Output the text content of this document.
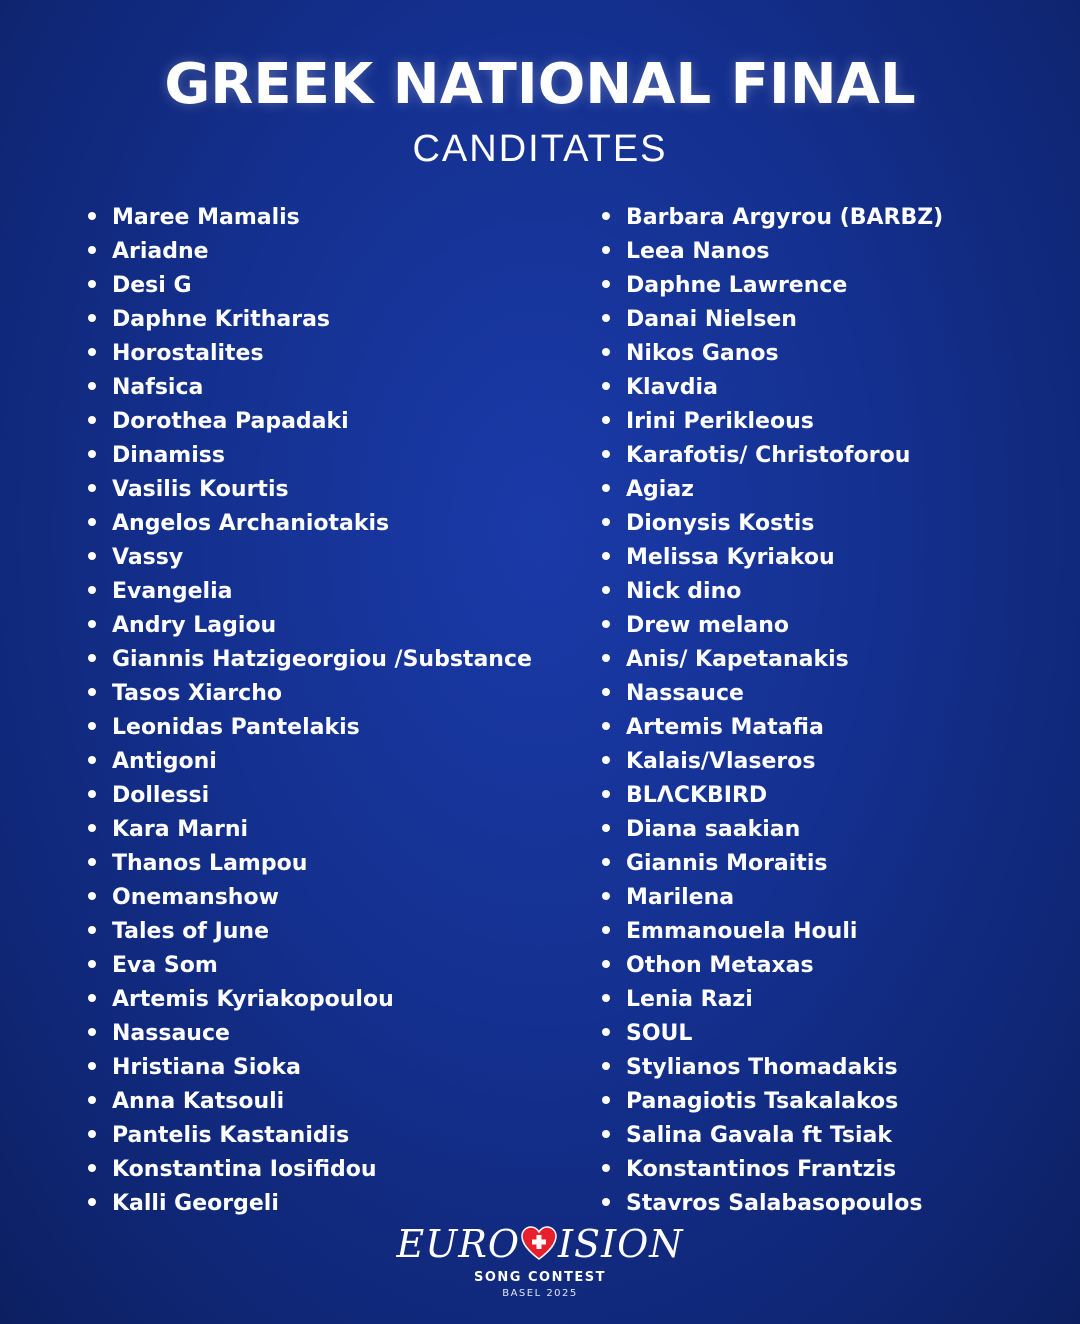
GREEK NATIONAL FINAL
CANDITATES
Maree Mamalis
Ariadne
Desi G
Daphne Kritharas
Horostalites
Nafsica
Dorothea Papadaki
Dinamiss
Vasilis Kourtis
Angelos Archaniotakis
Vassy
Evangelia
Andry Lagiou
Giannis Hatzigeorgiou /Substance
Tasos Xiarcho
Leonidas Pantelakis
Antigoni
Dollessi
Kara Marni
Thanos Lampou
Onemanshow
Tales of June
Eva Som
Artemis Kyriakopoulou
Nassauce
Hristiana Sioka
Anna Katsouli
Pantelis Kastanidis
Konstantina Iosifidou
Kalli Georgeli
Barbara Argyrou (BARBZ)
Leea Nanos
Daphne Lawrence
Danai Nielsen
Nikos Ganos
Klavdia
Irini Perikleous
Karafotis/ Christoforou
Agiaz
Dionysis Kostis
Melissa Kyriakou
Nick dino
Drew melano
Anis/ Kapetanakis
Nassauce
Artemis Matafia
Kalais/Vlaseros
BLΛCKBIRD
Diana saakian
Giannis Moraitis
Marilena
Emmanouela Houli
Othon Metaxas
Lenia Razi
SOUL
Stylianos Thomadakis
Panagiotis Tsakalakos
Salina Gavala ft Tsiak
Konstantinos Frantzis
Stavros Salabasopoulos
EURO ISION
SONG CONTEST
BASEL 2025
